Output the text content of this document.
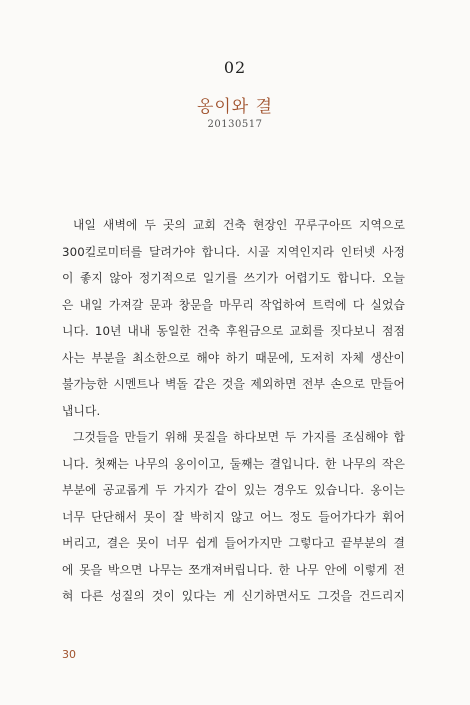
02
옹이와 결
20130517
내일 새벽에 두 곳의 교회 건축 현장인 꾸루구아뜨 지역으로
300킬로미터를 달려가야 합니다. 시골 지역인지라 인터넷 사정
이 좋지 않아 정기적으로 일기를 쓰기가 어렵기도 합니다. 오늘
은 내일 가져갈 문과 창문을 마무리 작업하여 트럭에 다 실었습
니다. 10년 내내 동일한 건축 후원금으로 교회를 짓다보니 점점
사는 부분을 최소한으로 해야 하기 때문에, 도저히 자체 생산이
불가능한 시멘트나 벽돌 같은 것을 제외하면 전부 손으로 만들어
냅니다.
그것들을 만들기 위해 못질을 하다보면 두 가지를 조심해야 합
니다. 첫째는 나무의 옹이이고, 둘째는 결입니다. 한 나무의 작은
부분에 공교롭게 두 가지가 같이 있는 경우도 있습니다. 옹이는
너무 단단해서 못이 잘 박히지 않고 어느 정도 들어가다가 휘어
버리고, 결은 못이 너무 쉽게 들어가지만 그렇다고 끝부분의 결
에 못을 박으면 나무는 쪼개져버립니다. 한 나무 안에 이렇게 전
혀 다른 성질의 것이 있다는 게 신기하면서도 그것을 건드리지
30
